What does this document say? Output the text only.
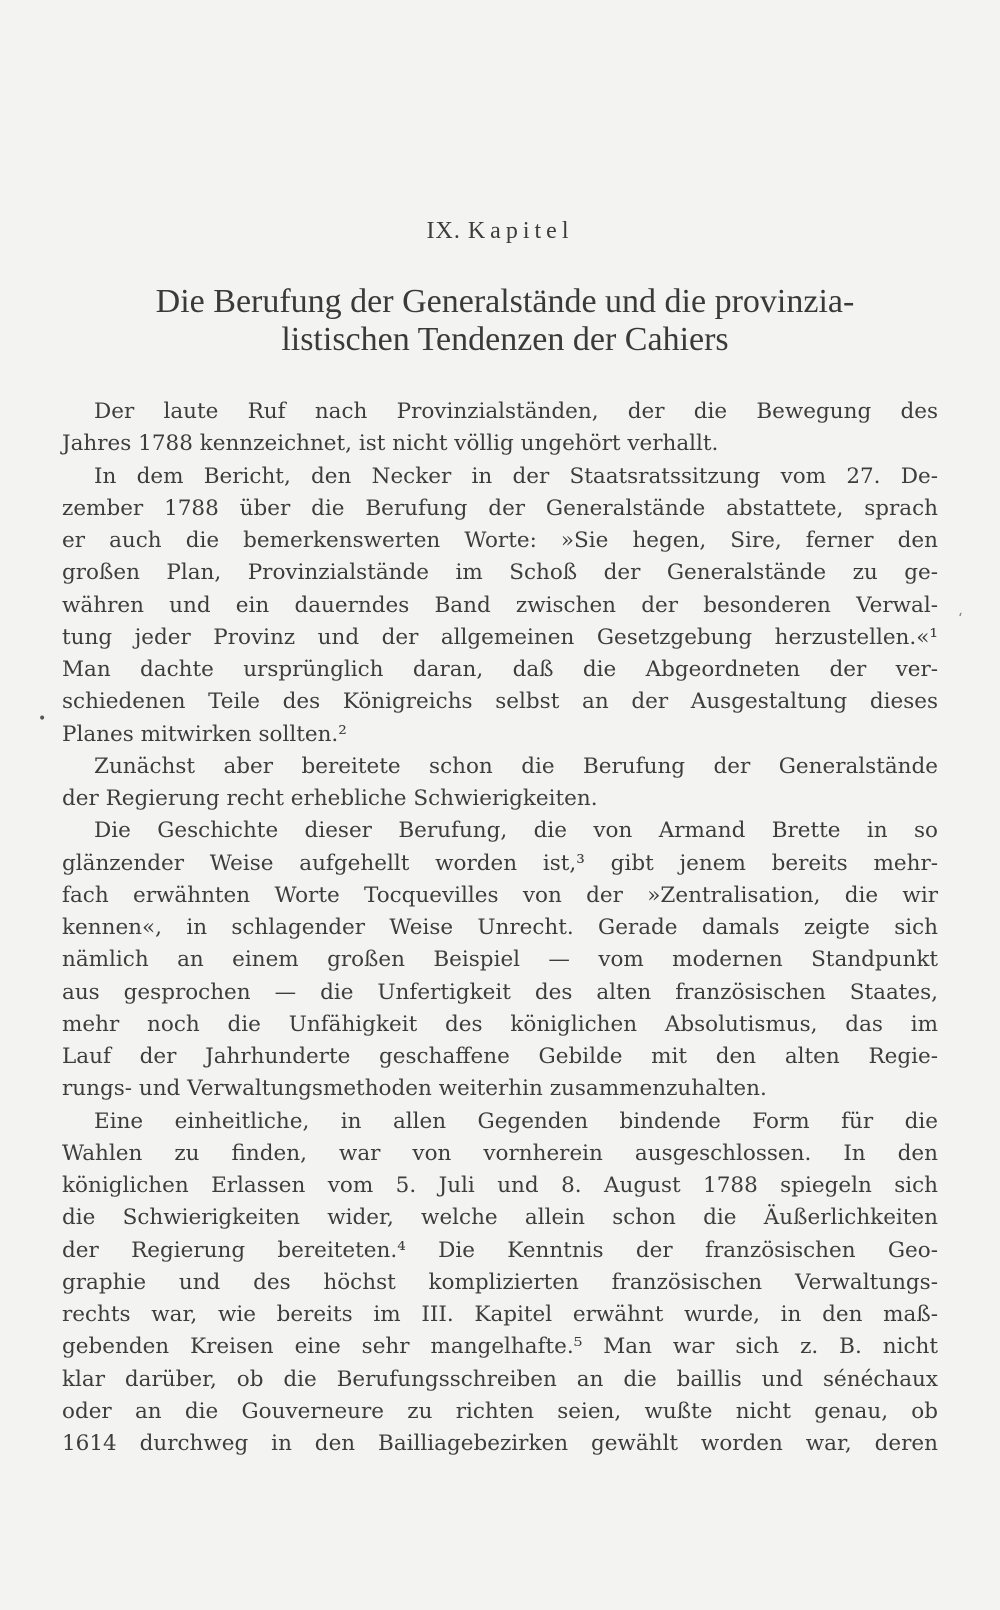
IX. Kapitel
Die Berufung der Generalstände und die provinzia-
listischen Tendenzen der Cahiers
Der laute Ruf nach Provinzialständen, der die Bewegung des
Jahres 1788 kennzeichnet, ist nicht völlig ungehört verhallt.
In dem Bericht, den Necker in der Staatsratssitzung vom 27. De-
zember 1788 über die Berufung der Generalstände abstattete, sprach
er auch die bemerkenswerten Worte: »Sie hegen, Sire, ferner den
großen Plan, Provinzialstände im Schoß der Generalstände zu ge-
währen und ein dauerndes Band zwischen der besonderen Verwal-
tung jeder Provinz und der allgemeinen Gesetzgebung herzustellen.«¹
Man dachte ursprünglich daran, daß die Abgeordneten der ver-
schiedenen Teile des Königreichs selbst an der Ausgestaltung dieses
Planes mitwirken sollten.²
Zunächst aber bereitete schon die Berufung der Generalstände
der Regierung recht erhebliche Schwierigkeiten.
Die Geschichte dieser Berufung, die von Armand Brette in so
glänzender Weise aufgehellt worden ist,³ gibt jenem bereits mehr-
fach erwähnten Worte Tocquevilles von der »Zentralisation, die wir
kennen«, in schlagender Weise Unrecht. Gerade damals zeigte sich
nämlich an einem großen Beispiel — vom modernen Standpunkt
aus gesprochen — die Unfertigkeit des alten französischen Staates,
mehr noch die Unfähigkeit des königlichen Absolutismus, das im
Lauf der Jahrhunderte geschaffene Gebilde mit den alten Regie-
rungs- und Verwaltungsmethoden weiterhin zusammenzuhalten.
Eine einheitliche, in allen Gegenden bindende Form für die
Wahlen zu finden, war von vornherein ausgeschlossen. In den
königlichen Erlassen vom 5. Juli und 8. August 1788 spiegeln sich
die Schwierigkeiten wider, welche allein schon die Äußerlichkeiten
der Regierung bereiteten.⁴ Die Kenntnis der französischen Geo-
graphie und des höchst komplizierten französischen Verwaltungs-
rechts war, wie bereits im III. Kapitel erwähnt wurde, in den maß-
gebenden Kreisen eine sehr mangelhafte.⁵ Man war sich z. B. nicht
klar darüber, ob die Berufungsschreiben an die baillis und sénéchaux
oder an die Gouverneure zu richten seien, wußte nicht genau, ob
1614 durchweg in den Bailliagebezirken gewählt worden war, deren
•
ʻ
